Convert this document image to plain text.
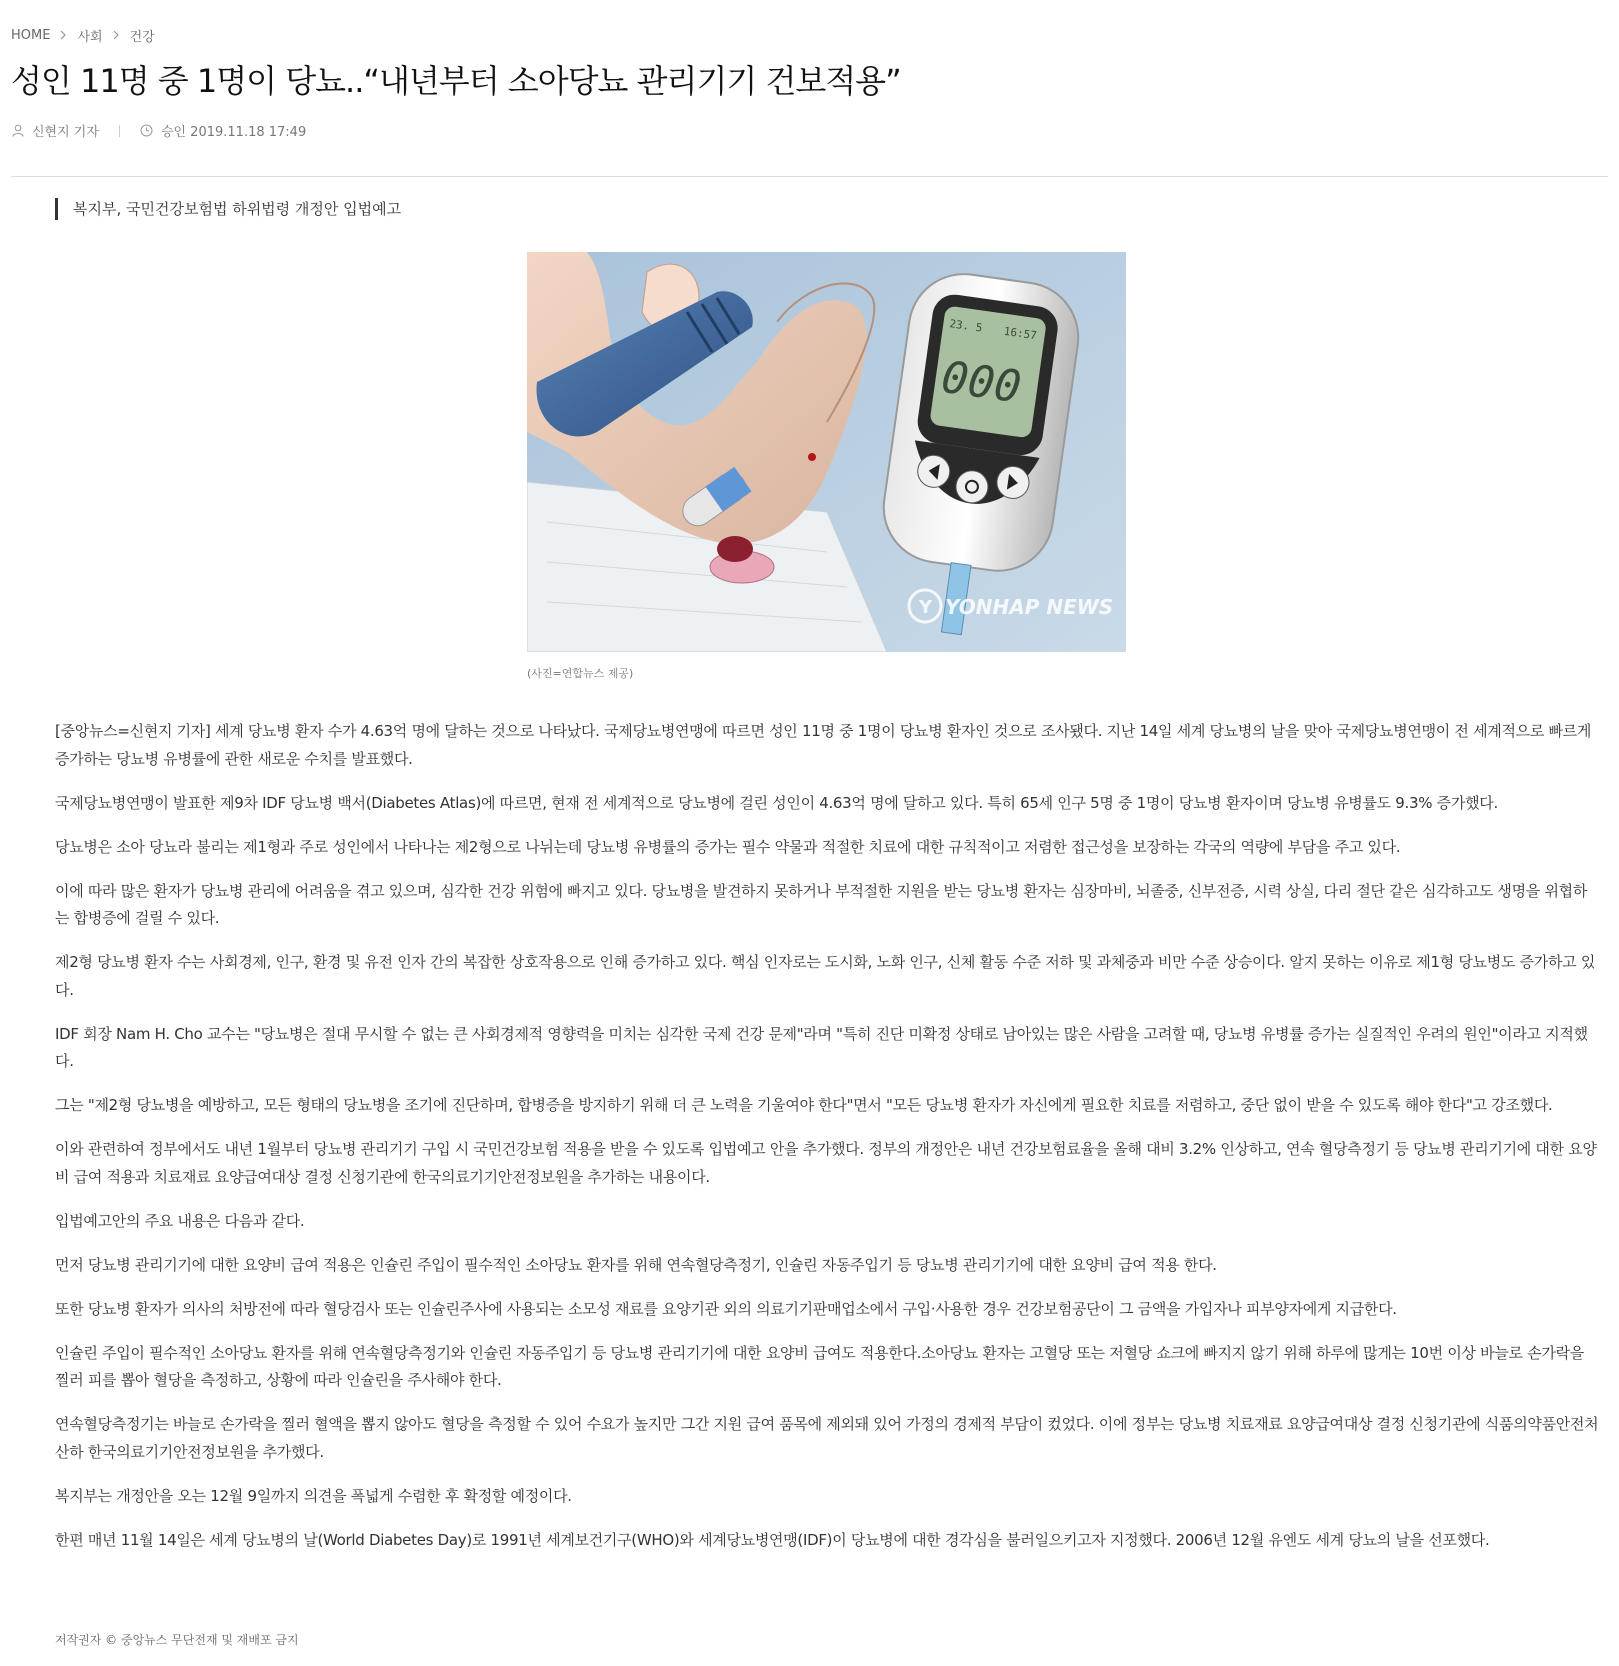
HOME 사회 건강
성인 11명 중 1명이 당뇨..“내년부터 소아당뇨 관리기기 건보적용”
신현지 기자	승인 2019.11.18 17:49
복지부, 국민건강보험법 하위법령 개정안 입법예고
23. 5 16:57
000
Y YONHAP NEWS
(사진=연합뉴스 제공)

[중앙뉴스=신현지 기자] 세계 당뇨병 환자 수가 4.63억 명에 달하는 것으로 나타났다. 국제당뇨병연맹에 따르면 성인 11명 중 1명이 당뇨병 환자인 것으로 조사됐다. 지난 14일 세계 당뇨병의 날을 맞아 국제당뇨병연맹이 전 세계적으로 빠르게 증가하는 당뇨병 유병률에 관한 새로운 수치를 발표했다.

국제당뇨병연맹이 발표한 제9차 IDF 당뇨병 백서(Diabetes Atlas)에 따르면, 현재 전 세계적으로 당뇨병에 걸린 성인이 4.63억 명에 달하고 있다. 특히 65세 인구 5명 중 1명이 당뇨병 환자이며 당뇨병 유병률도 9.3% 증가했다.

당뇨병은 소아 당뇨라 불리는 제1형과 주로 성인에서 나타나는 제2형으로 나뉘는데 당뇨병 유병률의 증가는 필수 약물과 적절한 치료에 대한 규칙적이고 저렴한 접근성을 보장하는 각국의 역량에 부담을 주고 있다.

이에 따라 많은 환자가 당뇨병 관리에 어려움을 겪고 있으며, 심각한 건강 위험에 빠지고 있다. 당뇨병을 발견하지 못하거나 부적절한 지원을 받는 당뇨병 환자는 심장마비, 뇌졸중, 신부전증, 시력 상실, 다리 절단 같은 심각하고도 생명을 위협하는 합병증에 걸릴 수 있다.

제2형 당뇨병 환자 수는 사회경제, 인구, 환경 및 유전 인자 간의 복잡한 상호작용으로 인해 증가하고 있다. 핵심 인자로는 도시화, 노화 인구, 신체 활동 수준 저하 및 과체중과 비만 수준 상승이다. 알지 못하는 이유로 제1형 당뇨병도 증가하고 있다.

IDF 회장 Nam H. Cho 교수는 "당뇨병은 절대 무시할 수 없는 큰 사회경제적 영향력을 미치는 심각한 국제 건강 문제"라며 "특히 진단 미확정 상태로 남아있는 많은 사람을 고려할 때, 당뇨병 유병률 증가는 실질적인 우려의 원인"이라고 지적했다.

그는 "제2형 당뇨병을 예방하고, 모든 형태의 당뇨병을 조기에 진단하며, 합병증을 방지하기 위해 더 큰 노력을 기울여야 한다"면서 "모든 당뇨병 환자가 자신에게 필요한 치료를 저렴하고, 중단 없이 받을 수 있도록 해야 한다"고 강조했다.

이와 관련하여 정부에서도 내년 1월부터 당뇨병 관리기기 구입 시 국민건강보험 적용을 받을 수 있도록 입법예고 안을 추가했다. 정부의 개정안은 내년 건강보험료율을 올해 대비 3.2% 인상하고, 연속 혈당측정기 등 당뇨병 관리기기에 대한 요양비 급여 적용과 치료재료 요양급여대상 결정 신청기관에 한국의료기기안전정보원을 추가하는 내용이다.

입법예고안의 주요 내용은 다음과 같다.

먼저 당뇨병 관리기기에 대한 요양비 급여 적용은 인슐린 주입이 필수적인 소아당뇨 환자를 위해 연속혈당측정기, 인슐린 자동주입기 등 당뇨병 관리기기에 대한 요양비 급여 적용 한다.

또한 당뇨병 환자가 의사의 처방전에 따라 혈당검사 또는 인슐린주사에 사용되는 소모성 재료를 요양기관 외의 의료기기판매업소에서 구입·사용한 경우 건강보험공단이 그 금액을 가입자나 피부양자에게 지급한다.

인슐린 주입이 필수적인 소아당뇨 환자를 위해 연속혈당측정기와 인슐린 자동주입기 등 당뇨병 관리기기에 대한 요양비 급여도 적용한다.소아당뇨 환자는 고혈당 또는 저혈당 쇼크에 빠지지 않기 위해 하루에 많게는 10번 이상 바늘로 손가락을 찔러 피를 뽑아 혈당을 측정하고, 상황에 따라 인슐린을 주사해야 한다.

연속혈당측정기는 바늘로 손가락을 찔러 혈액을 뽑지 않아도 혈당을 측정할 수 있어 수요가 높지만 그간 지원 급여 품목에 제외돼 있어 가정의 경제적 부담이 컸었다. 이에 정부는 당뇨병 치료재료 요양급여대상 결정 신청기관에 식품의약품안전처 산하 한국의료기기안전정보원을 추가했다.

복지부는 개정안을 오는 12월 9일까지 의견을 폭넓게 수렴한 후 확정할 예정이다.

한편 매년 11월 14일은 세계 당뇨병의 날(World Diabetes Day)로 1991년 세계보건기구(WHO)와 세계당뇨병연맹(IDF)이 당뇨병에 대한 경각심을 불러일으키고자 지정했다. 2006년 12월 유엔도 세계 당뇨의 날을 선포했다.

저작권자 © 중앙뉴스 무단전재 및 재배포 금지
